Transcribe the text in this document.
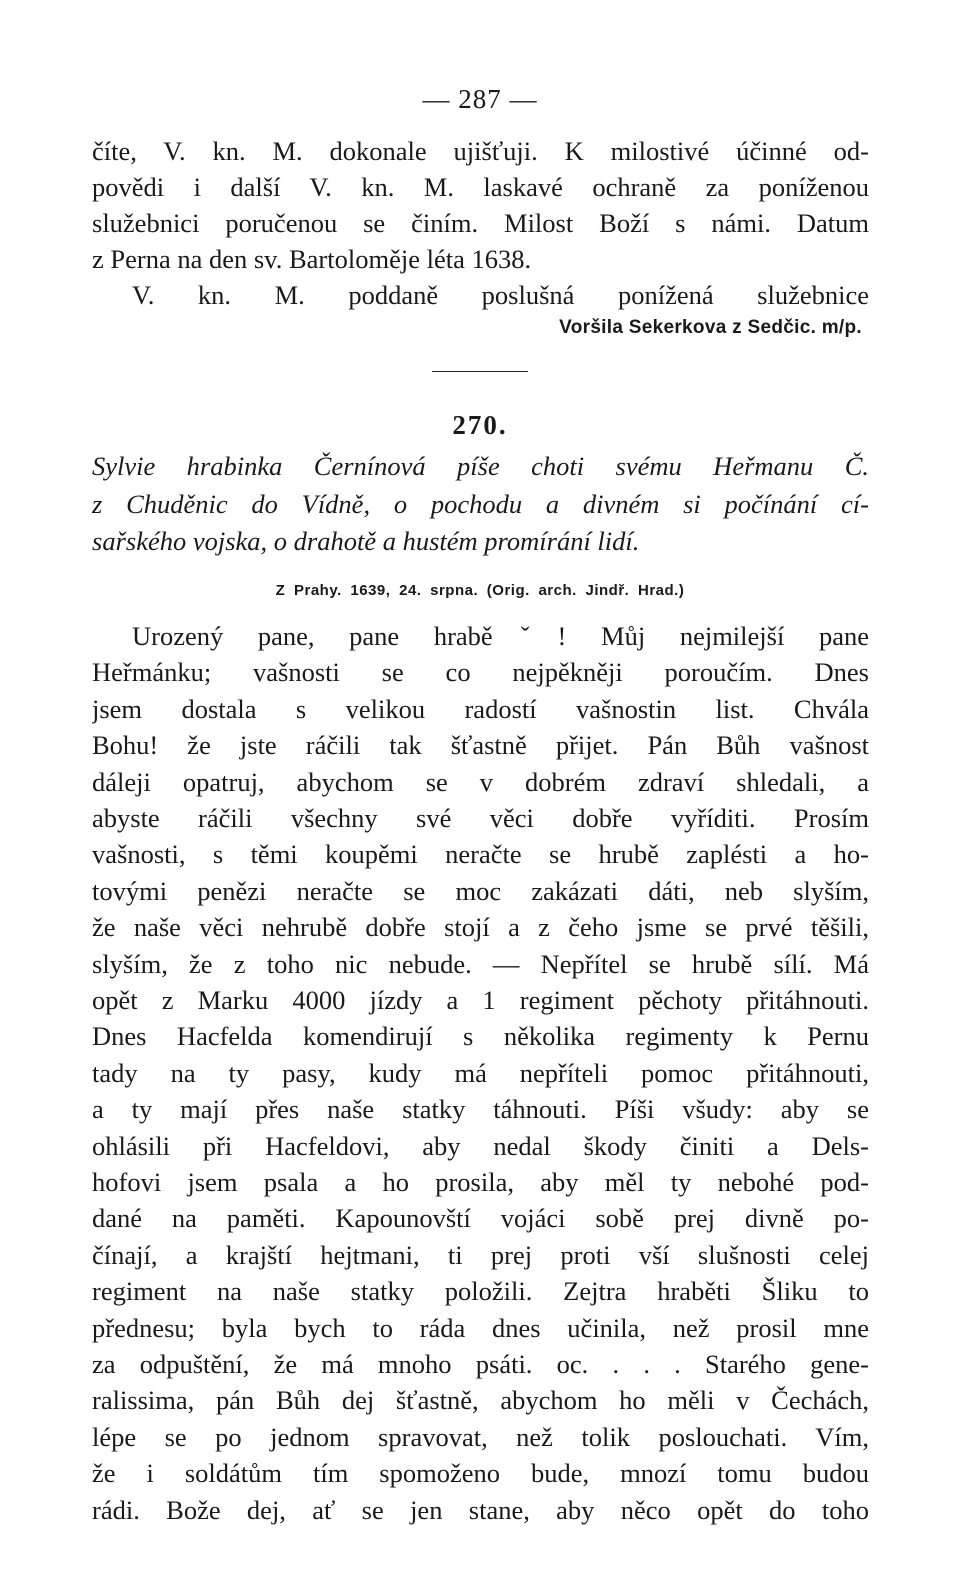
— 287 —
číte, V. kn. M. dokonale ujišťuji. K milostivé účinné od-
povědi i další V. kn. M. laskavé ochraně za poníženou
služebnici poručenou se činím. Milost Boží s námi. Datum
z Perna na den sv. Bartoloměje léta 1638.
V. kn. M. poddaně poslušná ponížená služebnice
Voršila Sekerkova z Sedčic. m/p.
270.
Sylvie hrabinka Černínová píše choti svému Heřmanu Č.
z Chuděnic do Vídně, o pochodu a divném si počínání cí-
sařského vojska, o drahotě a hustém promírání lidí.
Z Prahy. 1639, 24. srpna. (Orig. arch. Jindř. Hrad.)
Urozený pane, pane hraběˇ! Můj nejmilejší pane
Heřmánku; vašnosti se co nejpěkněji poroučím. Dnes
jsem dostala s velikou radostí vašnostin list. Chvála
Bohu! že jste ráčili tak šťastně přijet. Pán Bůh vašnost
dáleji opatruj, abychom se v dobrém zdraví shledali, a
abyste ráčili všechny své věci dobře vyříditi. Prosím
vašnosti, s těmi koupěmi neračte se hrubě zaplésti a ho-
tovými penězi neračte se moc zakázati dáti, neb slyším,
že naše věci nehrubě dobře stojí a z čeho jsme se prvé těšili,
slyším, že z toho nic nebude. — Nepřítel se hrubě sílí. Má
opět z Marku 4000 jízdy a 1 regiment pěchoty přitáhnouti.
Dnes Hacfelda komendirují s několika regimenty k Pernu
tady na ty pasy, kudy má nepříteli pomoc přitáhnouti,
a ty mají přes naše statky táhnouti. Píši všudy: aby se
ohlásili při Hacfeldovi, aby nedal škody činiti a Dels-
hofovi jsem psala a ho prosila, aby měl ty nebohé pod-
dané na paměti. Kapounovští vojáci sobě prej divně po-
čínají, a krajští hejtmani, ti prej proti vší slušnosti celej
regiment na naše statky položili. Zejtra hraběti Šliku to
přednesu; byla bych to ráda dnes učinila, než prosil mne
za odpuštění, že má mnoho psáti. oc. . . . Starého gene-
ralissima, pán Bůh dej šťastně, abychom ho měli v Čechách,
lépe se po jednom spravovat, než tolik poslouchati. Vím,
že i soldátům tím spomoženo bude, mnozí tomu budou
rádi. Bože dej, ať se jen stane, aby něco opět do toho
